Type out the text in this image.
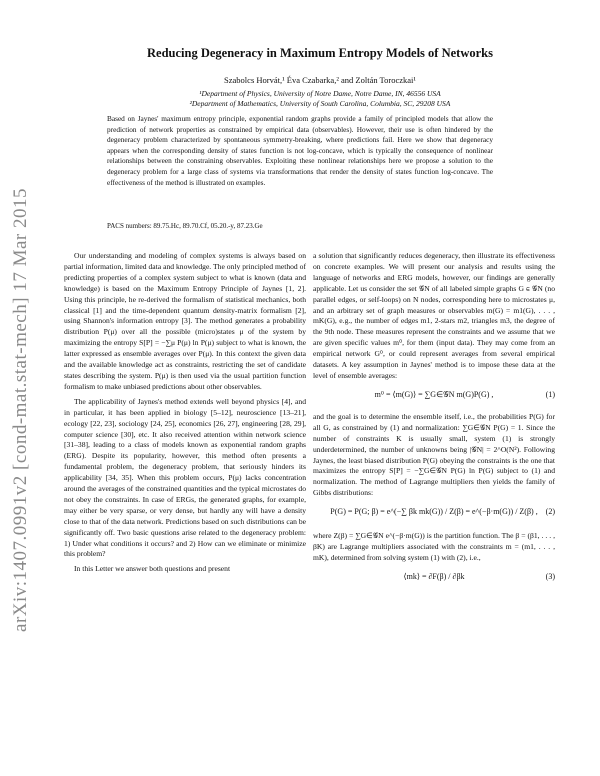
arXiv:1407.0991v2 [cond-mat.stat-mech] 17 Mar 2015
Reducing Degeneracy in Maximum Entropy Models of Networks
Szabolcs Horvát,¹ Éva Czabarka,² and Zoltán Toroczkai¹
¹Department of Physics, University of Notre Dame, Notre Dame, IN, 46556 USA
²Department of Mathematics, University of South Carolina, Columbia, SC, 29208 USA

Based on Jaynes' maximum entropy principle, exponential random graphs provide a family of principled models that allow the prediction of network properties as constrained by empirical data (observables). However, their use is often hindered by the degeneracy problem characterized by spontaneous symmetry-breaking, where predictions fail. Here we show that degeneracy appears when the corresponding density of states function is not log-concave, which is typically the consequence of nonlinear relationships between the constraining observables. Exploiting these nonlinear relationships here we propose a solution to the degeneracy problem for a large class of systems via transformations that render the density of states function log-concave. The effectiveness of the method is illustrated on examples.

PACS numbers: 89.75.Hc, 89.70.Cf, 05.20.-y, 87.23.Ge

Our understanding and modeling of complex systems is always based on partial information, limited data and knowledge. The only principled method of predicting properties of a complex system subject to what is known (data and knowledge) is based on the Maximum Entropy Principle of Jaynes [1, 2]. Using this principle, he re-derived the formalism of statistical mechanics, both classical [1] and the time-dependent quantum density-matrix formalism [2], using Shannon's information entropy [3]. The method generates a probability distribution P(μ) over all the possible (micro)states μ of the system by maximizing the entropy S[P] = −∑μ P(μ) ln P(μ) subject to what is known, the latter expressed as ensemble averages over P(μ). In this context the given data and the available knowledge act as constraints, restricting the set of candidate states describing the system. P(μ) is then used via the usual partition function formalism to make unbiased predictions about other observables.

The applicability of Jaynes's method extends well beyond physics [4], and in particular, it has been applied in biology [5–12], neuroscience [13–21], ecology [22, 23], sociology [24, 25], economics [26, 27], engineering [28, 29], computer science [30], etc. It also received attention within network science [31–38], leading to a class of models known as exponential random graphs (ERG). Despite its popularity, however, this method often presents a fundamental problem, the degeneracy problem, that seriously hinders its applicability [34, 35]. When this problem occurs, P(μ) lacks concentration around the averages of the constrained quantities and the typical microstates do not obey the constraints. In case of ERGs, the generated graphs, for example, may either be very sparse, or very dense, but hardly any will have a density close to that of the data network. Predictions based on such distributions can be significantly off. Two basic questions arise related to the degeneracy problem: 1) Under what conditions it occurs? and 2) How can we eliminate or minimize this problem?

In this Letter we answer both questions and present

a solution that significantly reduces degeneracy, then illustrate its effectiveness on concrete examples. We will present our analysis and results using the language of networks and ERG models, however, our findings are generally applicable. Let us consider the set 𝒢N of all labeled simple graphs G ∈ 𝒢N (no parallel edges, or self-loops) on N nodes, corresponding here to microstates μ, and an arbitrary set of graph measures or observables m(G) = m1(G), . . . , mK(G), e.g., the number of edges m1, 2-stars m2, triangles m3, the degree of the 9th node. These measures represent the constraints and we assume that we are given specific values m⁰, for them (input data). They may come from an empirical network G⁰, or could represent averages from several empirical datasets. A key assumption in Jaynes' method is to impose these data at the level of ensemble averages:

m⁰ = ⟨m(G)⟩ = ∑G∈𝒢N m(G)P(G) ,	(1)

and the goal is to determine the ensemble itself, i.e., the probabilities P(G) for all G, as constrained by (1) and normalization: ∑G∈𝒢N P(G) = 1. Since the number of constraints K is usually small, system (1) is strongly underdetermined, the number of unknowns being |𝒢N| = 2^O(N²). Following Jaynes, the least biased distribution P(G) obeying the constraints is the one that maximizes the entropy S[P] = −∑G∈𝒢N P(G) ln P(G) subject to (1) and normalization. The method of Lagrange multipliers then yields the family of Gibbs distributions:

P(G) = P(G; β) = e^(−∑ βk mk(G)) / Z(β) = e^(−β·m(G)) / Z(β) , (2)

where Z(β) = ∑G∈𝒢N e^(−β·m(G)) is the partition function. The β = (β1, . . . , βK) are Lagrange multipliers associated with the constraints m = (m1, . . . , mK), determined from solving system (1) with (2), i.e.,

⟨mk⟩ = ∂F(β) / ∂βk	(3)
